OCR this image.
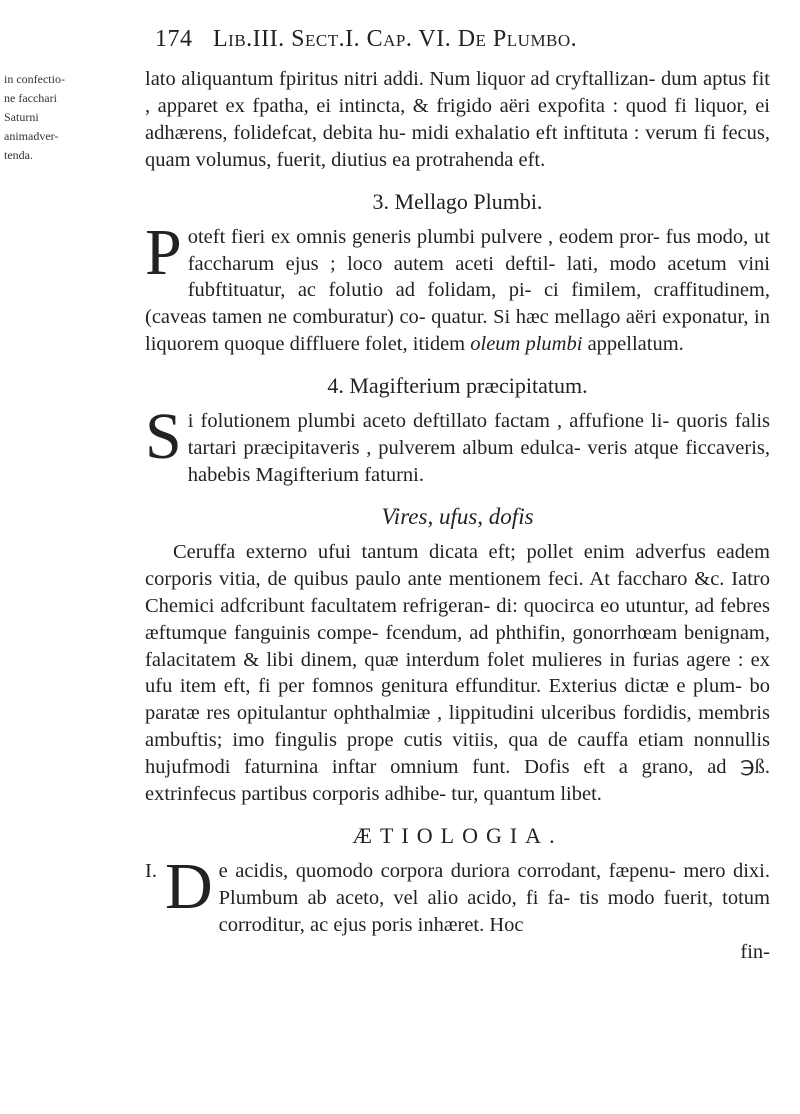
174 Lib.III. Sect.I. Cap. VI. De Plumbo.
in confectio-
ne facchari
Saturni
animadver-
tenda.

lato aliquantum fpiritus nitri addi. Num liquor ad cryftallizan- dum aptus fit , apparet ex fpatha, ei intincta, & frigido aëri expofita : quod fi liquor, ei adhærens, folidefcat, debita hu- midi exhalatio eft inftituta : verum fi fecus, quam volumus, fuerit, diutius ea protrahenda eft.

3. Mellago Plumbi.

Poteft fieri ex omnis generis plumbi pulvere , eodem pror- fus modo, ut faccharum ejus ; loco autem aceti deftil- lati, modo acetum vini fubftituatur, ac folutio ad folidam, pi- ci fimilem, craffitudinem, (caveas tamen ne comburatur) co- quatur. Si hæc mellago aëri exponatur, in liquorem quoque diffluere folet, itidem oleum plumbi appellatum.

4. Magifterium præcipitatum.

Si folutionem plumbi aceto deftillato factam , affufione li- quoris falis tartari præcipitaveris , pulverem album edulca- veris atque ficcaveris, habebis Magifterium faturni.

Vires, ufus, dofis

Ceruffa externo ufui tantum dicata eft; pollet enim adverfus eadem corporis vitia, de quibus paulo ante mentionem feci. At faccharo &c. Iatro Chemici adfcribunt facultatem refrigeran- di: quocirca eo utuntur, ad febres æftumque fanguinis compe- fcendum, ad phthifin, gonorrhœam benignam, falacitatem & libi dinem, quæ interdum folet mulieres in furias agere : ex ufu item eft, fi per fomnos genitura effunditur. Exterius dictæ e plum- bo paratæ res opitulantur ophthalmiæ , lippitudini ulceribus fordidis, membris ambuftis; imo fingulis prope cutis vitiis, qua de cauffa etiam nonnullis hujufmodi faturnina inftar omnium funt. Dofis eft a grano, ad ℈ß. extrinfecus partibus corporis adhibe- tur, quantum libet.

ÆTIOLOGIA.

I. D e acidis, quomodo corpora duriora corrodant, fæpenu- mero dixi. Plumbum ab aceto, vel alio acido, fi fa- tis modo fuerit, totum corroditur, ac ejus poris inhæret. Hoc

fin-
